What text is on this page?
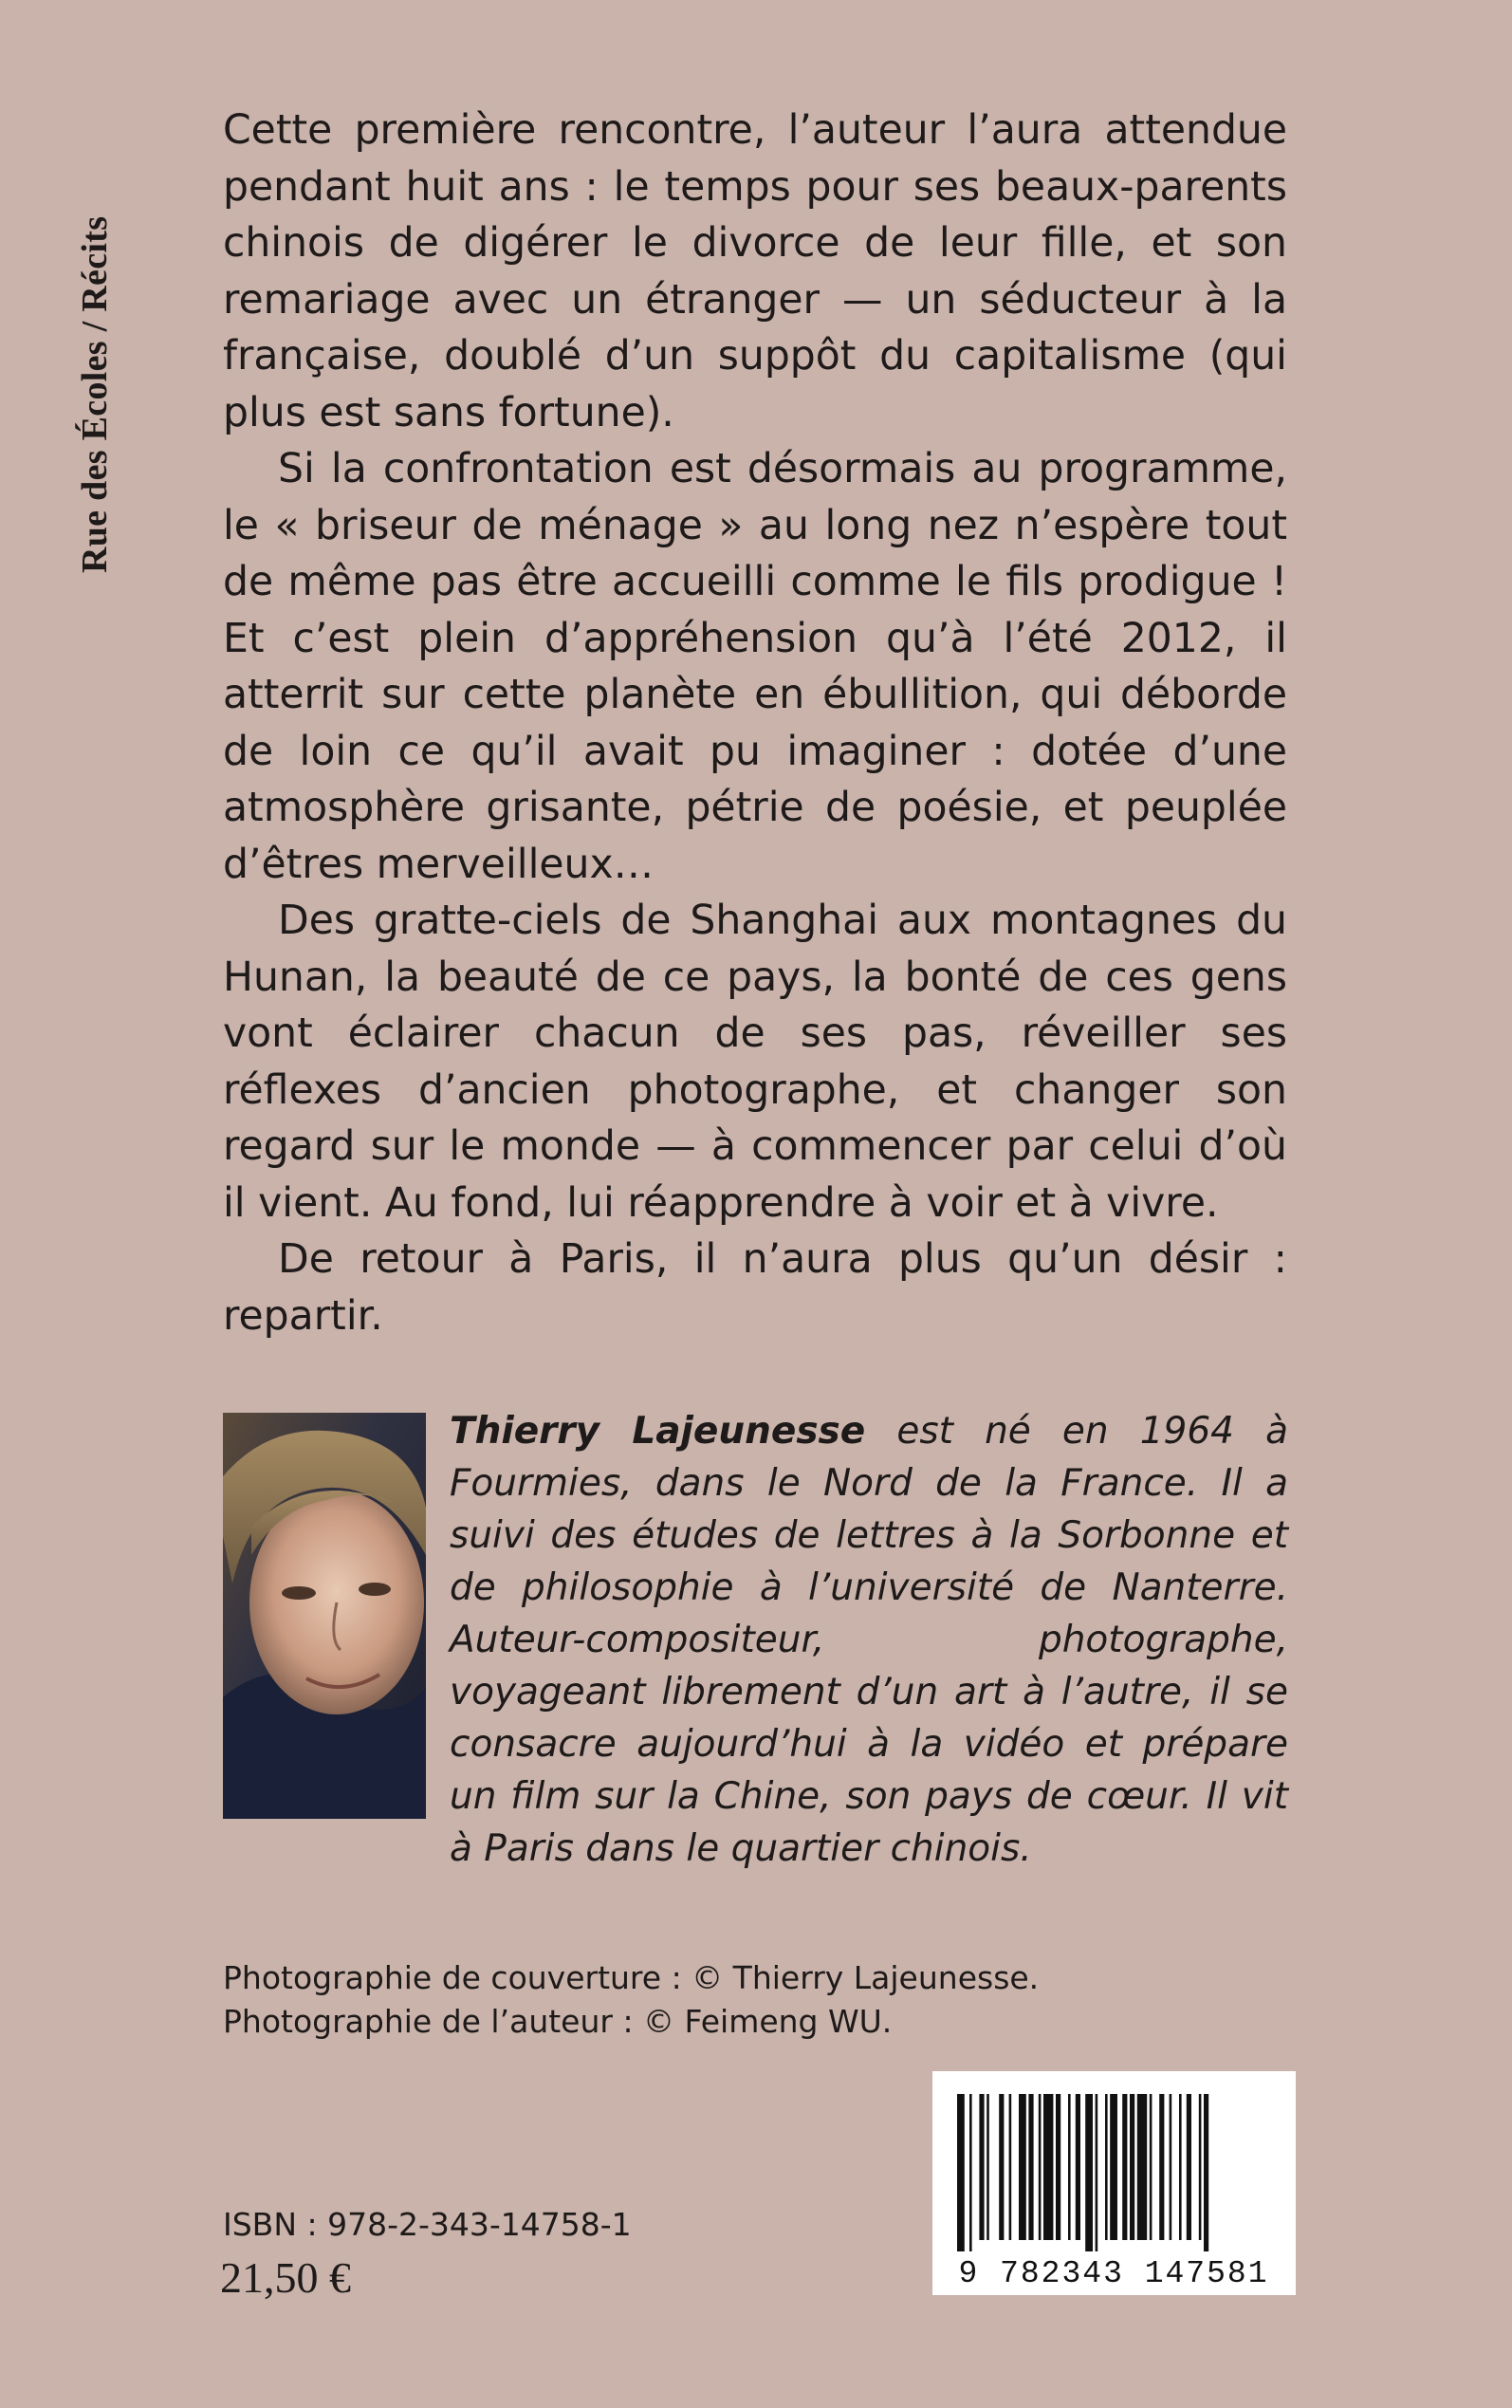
Rue des Écoles / Récits

Cette première rencontre, l’auteur l’aura attendue pendant huit ans : le temps pour ses beaux-parents chinois de digérer le divorce de leur fille, et son remariage avec un étranger — un séducteur à la française, doublé d’un suppôt du capitalisme (qui plus est sans fortune).

Si la confrontation est désormais au programme, le « briseur de ménage » au long nez n’espère tout de même pas être accueilli comme le fils prodigue ! Et c’est plein d’appréhension qu’à l’été 2012, il atterrit sur cette planète en ébullition, qui déborde de loin ce qu’il avait pu imaginer : dotée d’une atmosphère grisante, pétrie de poésie, et peuplée d’êtres merveilleux…

Des gratte-ciels de Shanghai aux montagnes du Hunan, la beauté de ce pays, la bonté de ces gens vont éclairer chacun de ses pas, réveiller ses réflexes d’ancien photographe, et changer son regard sur le monde — à commencer par celui d’où il vient. Au fond, lui réapprendre à voir et à vivre.

De retour à Paris, il n’aura plus qu’un désir : repartir.

Thierry Lajeunesse est né en 1964 à Fourmies, dans le Nord de la France. Il a suivi des études de lettres à la Sorbonne et de philosophie à l’université de Nanterre. Auteur-compositeur, photographe, voyageant librement d’un art à l’autre, il se consacre aujourd’hui à la vidéo et prépare un film sur la Chine, son pays de cœur. Il vit à Paris dans le quartier chinois.
Photographie de couverture : © Thierry Lajeunesse.
Photographie de l’auteur : © Feimeng WU.
ISBN : 978-2-343-14758-1
21,50 €	9 782343 147581
